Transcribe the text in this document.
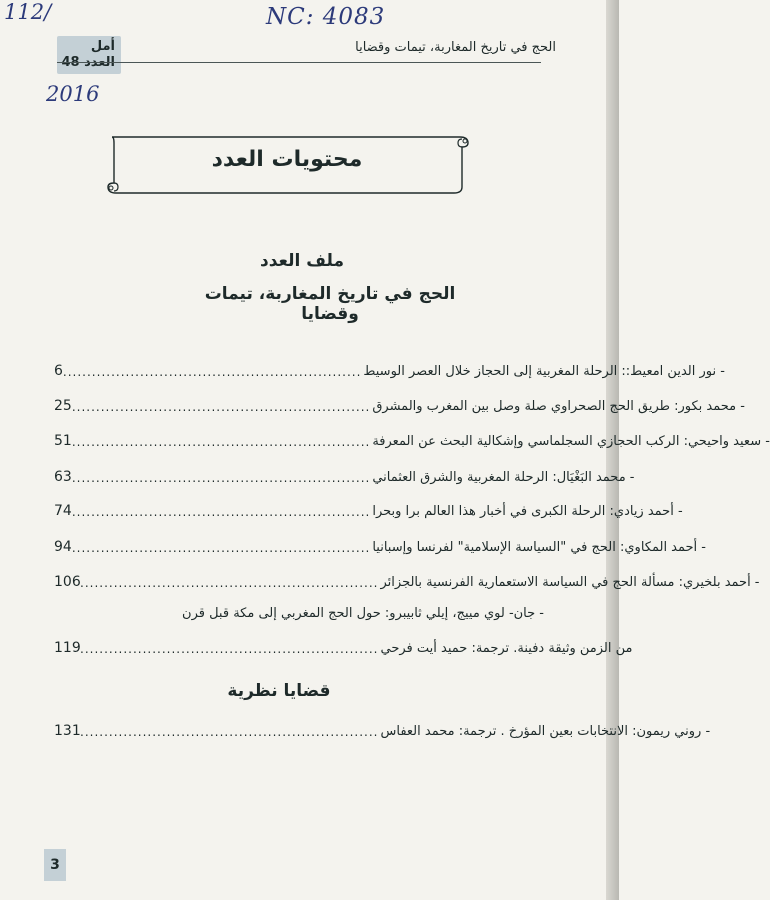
112/	NC: 4083
2016
أمل
العدد 48
الحج في تاريخ المغاربة، تيمات وقضايا
محتويات العدد
ملف العدد
الحج في تاريخ المغاربة، تيمات وقضايا
6 .............................................................. - نور الدين امعيط:: الرحلة المغربية إلى الحجاز خلال العصر الوسيط
25 .............................................................. - محمد بكور: طريق الحج الصحراوي صلة وصل بين المغرب والمشرق
51 .............................................................. - سعيد واحيحي: الركب الحجازي السجلماسي وإشكالية البحث عن المعرفة
63 .............................................................. - محمد البَغْيَال: الرحلة المغربية والشرق العثماني
74 .............................................................. - أحمد زيادي: الرحلة الكبرى في أخبار هذا العالم برا وبحرا
94 .............................................................. - أحمد المكاوي: الحج في "السياسة الإسلامية" لفرنسا وإسبانيا
106 .............................................................. - أحمد بلخيري: مسألة الحج في السياسة الاستعمارية الفرنسية بالجزائر
- جان- لوي مييج، إيلي ثابيبرو: حول الحج المغربي إلى مكة قبل قرن
119 .............................................................. من الزمن وثيقة دفينة. ترجمة: حميد أيت فرحي
قضايا نظرية
131 .............................................................. - روني ريمون: الانتخابات بعين المؤرخ . ترجمة: محمد العفاس
3
